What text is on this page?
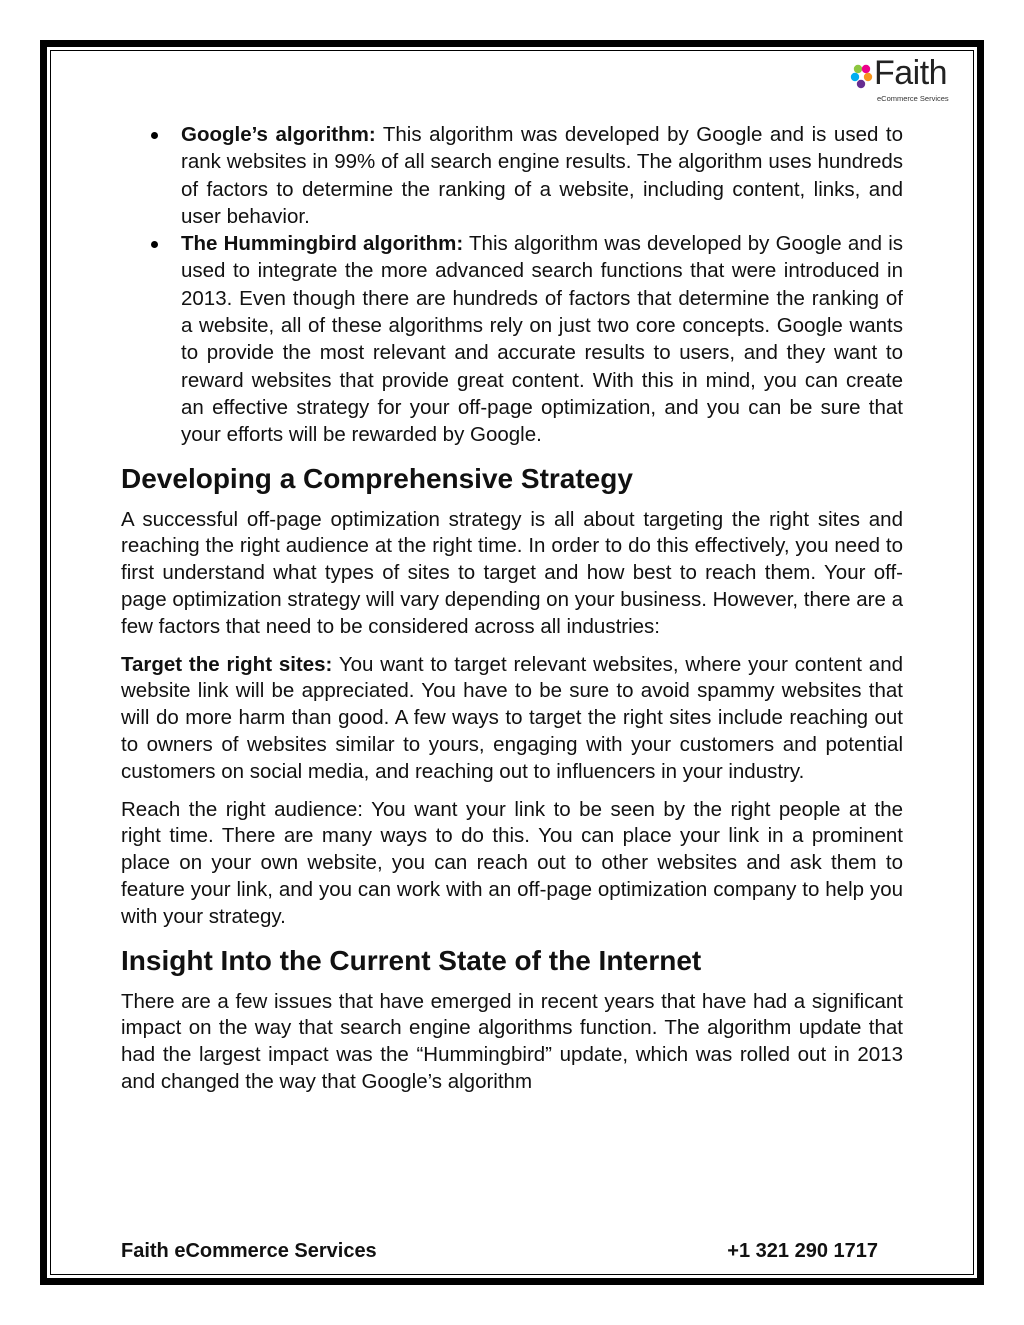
Faith
eCommerce Services
Google’s algorithm: This algorithm was developed by Google and is used to rank websites in 99% of all search engine results. The algorithm uses hundreds of factors to determine the ranking of a website, including content, links, and user behavior.
The Hummingbird algorithm: This algorithm was developed by Google and is used to integrate the more advanced search functions that were introduced in 2013. Even though there are hundreds of factors that determine the ranking of a website, all of these algorithms rely on just two core concepts. Google wants to provide the most relevant and accurate results to users, and they want to reward websites that provide great content. With this in mind, you can create an effective strategy for your off-page optimization, and you can be sure that your efforts will be rewarded by Google.
Developing a Comprehensive Strategy

A successful off-page optimization strategy is all about targeting the right sites and reaching the right audience at the right time. In order to do this effectively, you need to first understand what types of sites to target and how best to reach them. Your off-page optimization strategy will vary depending on your business. However, there are a few factors that need to be considered across all industries:

Target the right sites: You want to target relevant websites, where your content and website link will be appreciated. You have to be sure to avoid spammy websites that will do more harm than good. A few ways to target the right sites include reaching out to owners of websites similar to yours, engaging with your customers and potential customers on social media, and reaching out to influencers in your industry.

Reach the right audience: You want your link to be seen by the right people at the right time. There are many ways to do this. You can place your link in a prominent place on your own website, you can reach out to other websites and ask them to feature your link, and you can work with an off-page optimization company to help you with your strategy.

Insight Into the Current State of the Internet

There are a few issues that have emerged in recent years that have had a significant impact on the way that search engine algorithms function. The algorithm update that had the largest impact was the “Hummingbird” update, which was rolled out in 2013 and changed the way that Google’s algorithm

Faith eCommerce Services	+1 321 290 1717
